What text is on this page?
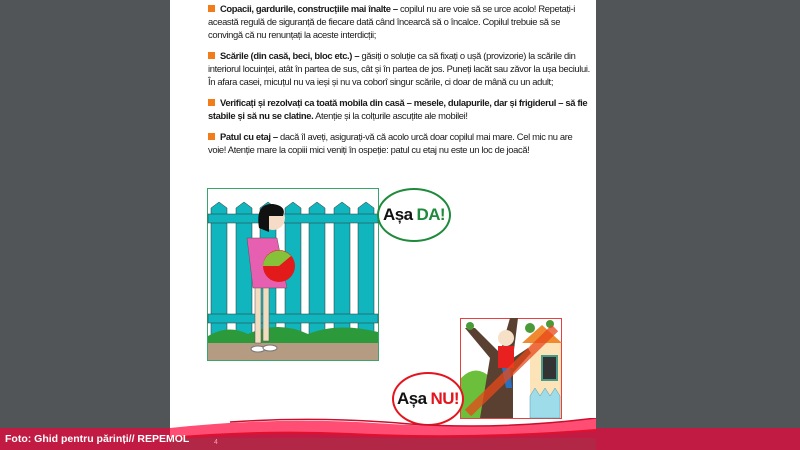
Copacii, gardurile, construcțiile mai înalte – copilul nu are voie să se urce acolo! Repetați-i această regulă de siguranță de fiecare dată când încearcă să o încalce. Copilul trebuie să se convingă că nu renunțați la aceste interdicții;

Scările (din casă, beci, bloc etc.) – găsiți o soluție ca să fixați o ușă (provizorie) la scările din interiorul locuinței, atât în partea de sus, cât și în partea de jos. Puneți lacăt sau zăvor la ușa beciului. În afara casei, micuțul nu va ieși și nu va coborî singur scările, ci doar de mână cu un adult;

Verificați și rezolvați ca toată mobila din casă – mesele, dulapurile, dar și frigiderul – să fie stabile și să nu se clatine. Atenție și la colțurile ascuțite ale mobilei!

Patul cu etaj – dacă îl aveți, asigurați-vă că acolo urcă doar copilul mai mare. Cel mic nu are voie! Atenție mare la copiii mici veniți în ospeție: patul cu etaj nu este un loc de joacă!

Așa DA!
Așa NU!
Foto: Ghid pentru părinți// REPEMOL	4
